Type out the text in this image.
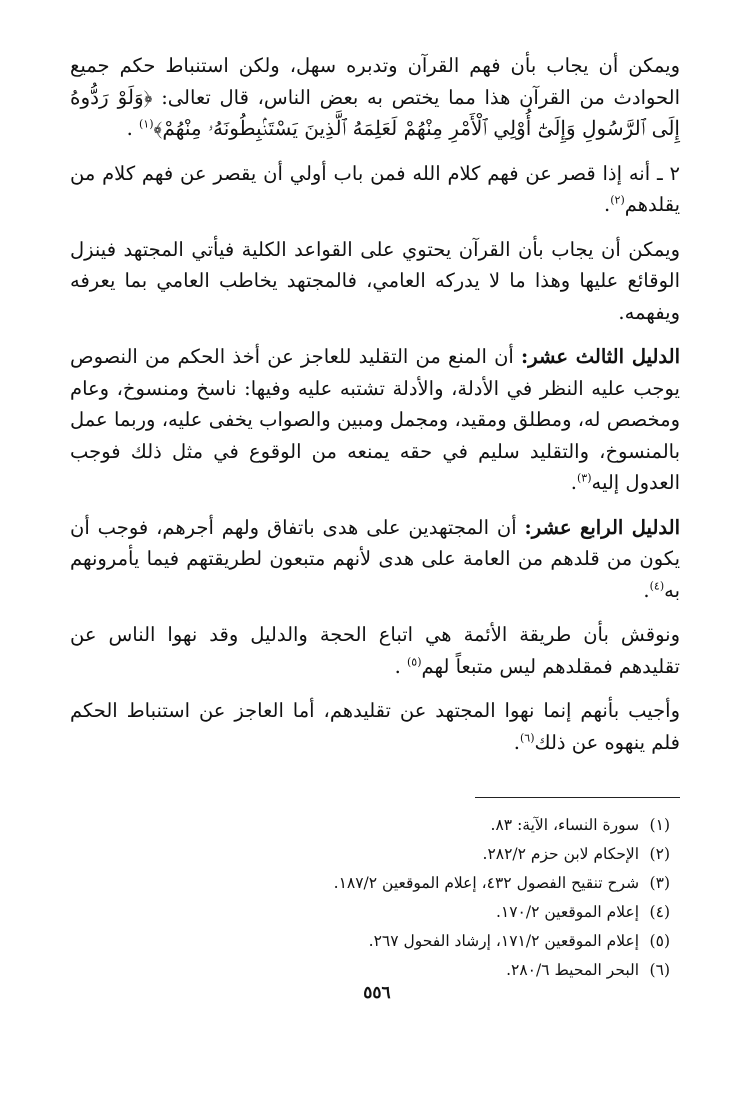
ويمكن أن يجاب بأن فهم القرآن وتدبره سهل، ولكن استنباط حكم جميع الحوادث من القرآن هذا مما يختص به بعض الناس، قال تعالى: ﴿وَلَوْ رَدُّوهُ إِلَى ٱلرَّسُولِ وَإِلَىٰٓ أُوْلِي ٱلْأَمْرِ مِنْهُمْ لَعَلِمَهُ ٱلَّذِينَ يَسْتَنۢبِطُونَهُۥ مِنْهُمْ﴾$^{(١)}$ .

٢ ـ أنه إذا قصر عن فهم كلام الله فمن باب أولي أن يقصر عن فهم كلام من يقلدهم$^{(٢)}$.

ويمكن أن يجاب بأن القرآن يحتوي على القواعد الكلية فيأتي المجتهد فينزل الوقائع عليها وهذا ما لا يدركه العامي، فالمجتهد يخاطب العامي بما يعرفه ويفهمه.

الدليل الثالث عشر: أن المنع من التقليد للعاجز عن أخذ الحكم من النصوص يوجب عليه النظر في الأدلة، والأدلة تشتبه عليه وفيها: ناسخ ومنسوخ، وعام ومخصص له، ومطلق ومقيد، ومجمل ومبين والصواب يخفى عليه، وربما عمل بالمنسوخ، والتقليد سليم في حقه يمنعه من الوقوع في مثل ذلك فوجب العدول إليه$^{(٣)}$.

الدليل الرابع عشر: أن المجتهدين على هدى باتفاق ولهم أجرهم، فوجب أن يكون من قلدهم من العامة على هدى لأنهم متبعون لطريقتهم فيما يأمرونهم به$^{(٤)}$.

ونوقش بأن طريقة الأئمة هي اتباع الحجة والدليل وقد نهوا الناس عن تقليدهم فمقلدهم ليس متبعاً لهم$^{(٥)}$ .

وأجيب بأنهم إنما نهوا المجتهد عن تقليدهم، أما العاجز عن استنباط الحكم فلم ينهوه عن ذلك$^{(٦)}$.

(١) سورة النساء، الآية: ٨٣.
(٢) الإحكام لابن حزم ٢٨٢/٢.
(٣) شرح تنقيح الفصول ٤٣٢، إعلام الموقعين ١٨٧/٢.
(٤) إعلام الموقعين ١٧٠/٢.
(٥) إعلام الموقعين ١٧١/٢، إرشاد الفحول ٢٦٧.
(٦) البحر المحيط ٢٨٠/٦.
٥٥٦
